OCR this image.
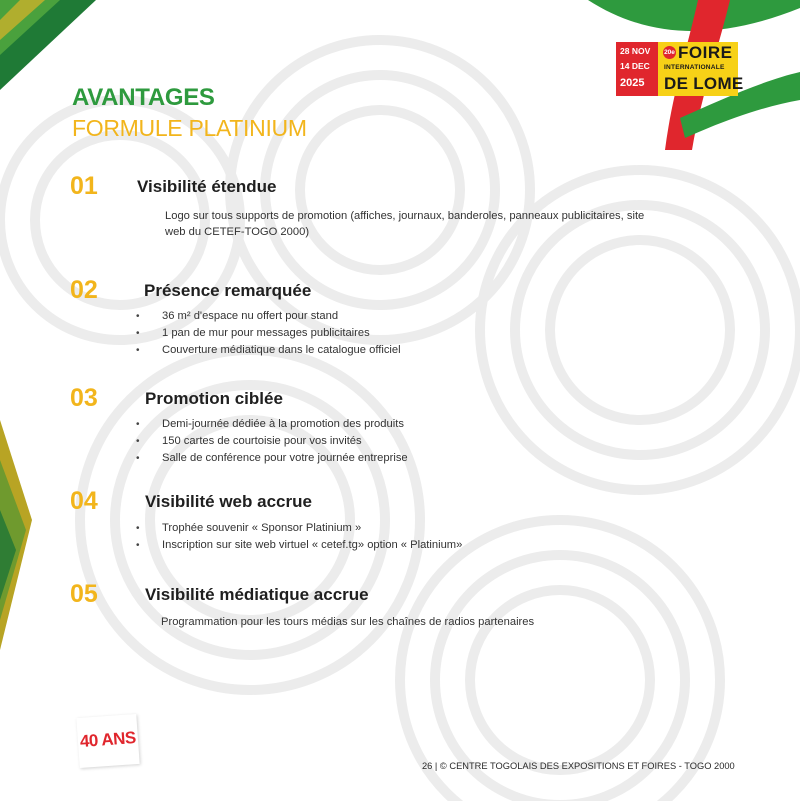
28 NOV
14 DEC
2025
20e FOIRE
INTERNATIONALE
DE LOME
AVANTAGES
FORMULE PLATINIUM
01 Visibilité étendue
Logo sur tous supports de promotion (affiches, journaux, banderoles, panneaux publicitaires, site
web du CETEF-TOGO 2000)
02	Présence remarquée
• 36 m² d'espace nu offert pour stand
• 1 pan de mur pour messages publicitaires
• Couverture médiatique dans le catalogue officiel
03	Promotion ciblée
• Demi-journée dédiée à la promotion des produits
• 150 cartes de courtoisie pour vos invités
• Salle de conférence pour votre journée entreprise
04	Visibilité web accrue
• Trophée souvenir « Sponsor Platinium »
• Inscription sur site web virtuel « cetef.tg» option « Platinium»
05	Visibilité médiatique accrue
Programmation pour les tours médias sur les chaînes de radios partenaires
40 ANS
26 | © CENTRE TOGOLAIS DES EXPOSITIONS ET FOIRES - TOGO 2000
